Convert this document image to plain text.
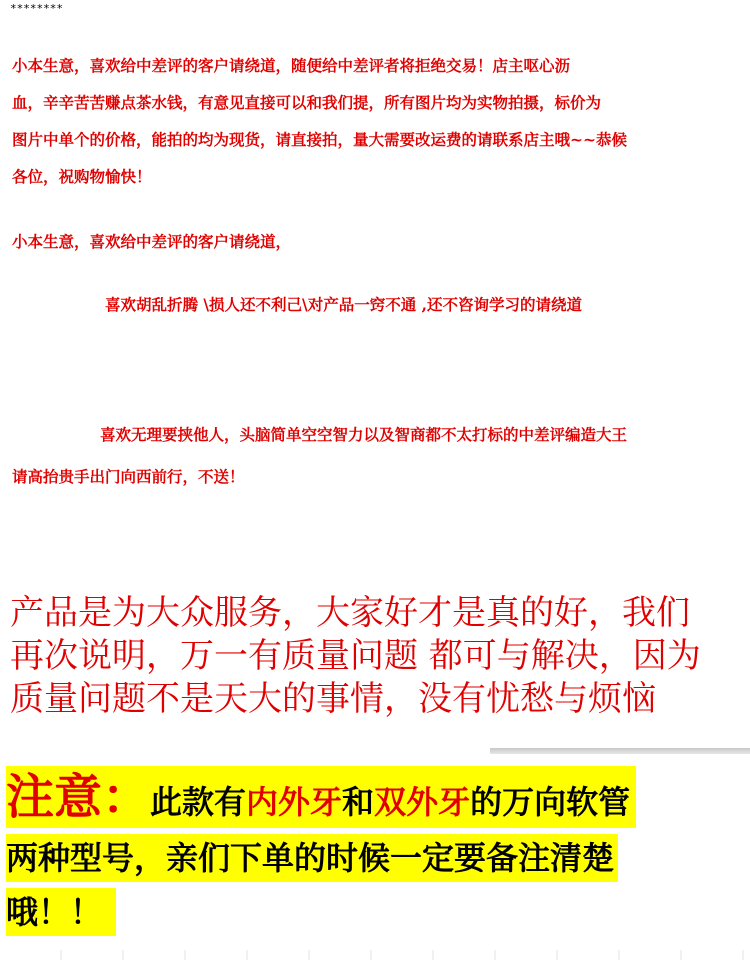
********
小本生意，喜欢给中差评的客户请绕道，随便给中差评者将拒绝交易！店主呕心沥
血，辛辛苦苦赚点茶水钱，有意见直接可以和我们提，所有图片均为实物拍摄，标价为
图片中单个的价格，能拍的均为现货，请直接拍，量大需要改运费的请联系店主哦~~恭候
各位，祝购物愉快！
小本生意，喜欢给中差评的客户请绕道，
喜欢胡乱折腾 \损人还不利己\对产品一窍不通 ,还不咨询学习的请绕道
喜欢无理要挟他人，头脑简单空空智力以及智商都不太打标的中差评编造大王
请高抬贵手出门向西前行，不送！
产品是为大众服务，大家好才是真的好，我们
再次说明，万一有质量问题 都可与解决，因为
质量问题不是天大的事情，没有忧愁与烦恼
注意：此款有内外牙和双外牙的万向软管
两种型号，亲们下单的时候一定要备注清楚
哦！！
